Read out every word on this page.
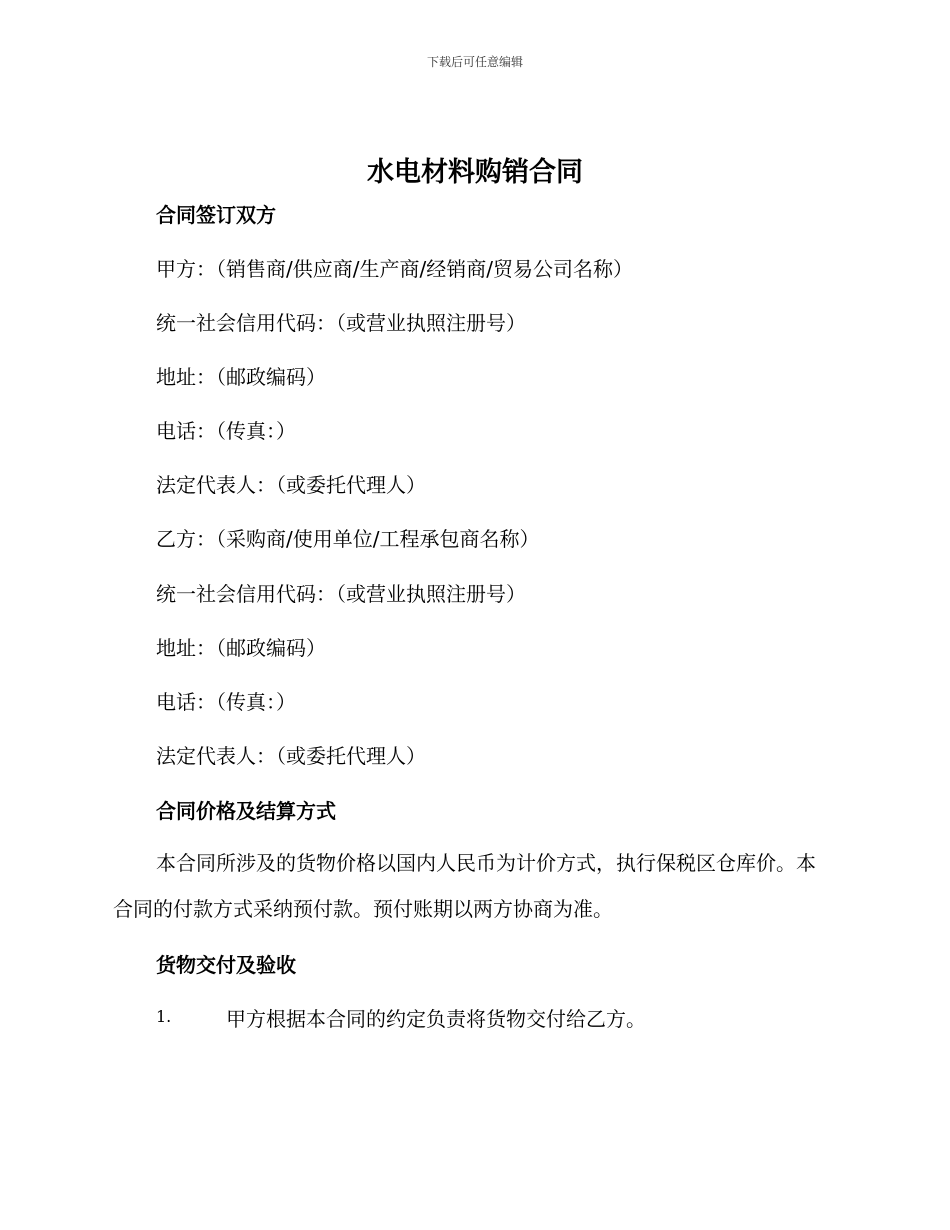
下载后可任意编辑
水电材料购销合同
合同签订双方
甲方：（销售商/供应商/生产商/经销商/贸易公司名称）
统一社会信用代码：（或营业执照注册号）
地址：（邮政编码）
电话：（传真：）
法定代表人：（或委托代理人）
乙方：（采购商/使用单位/工程承包商名称）
统一社会信用代码：（或营业执照注册号）
地址：（邮政编码）
电话：（传真：）
法定代表人：（或委托代理人）
合同价格及结算方式
本合同所涉及的货物价格以国内人民币为计价方式，执行保税区仓库价。本合同的付款方式采纳预付款。预付账期以两方协商为准。
货物交付及验收
1.	甲方根据本合同的约定负责将货物交付给乙方。
